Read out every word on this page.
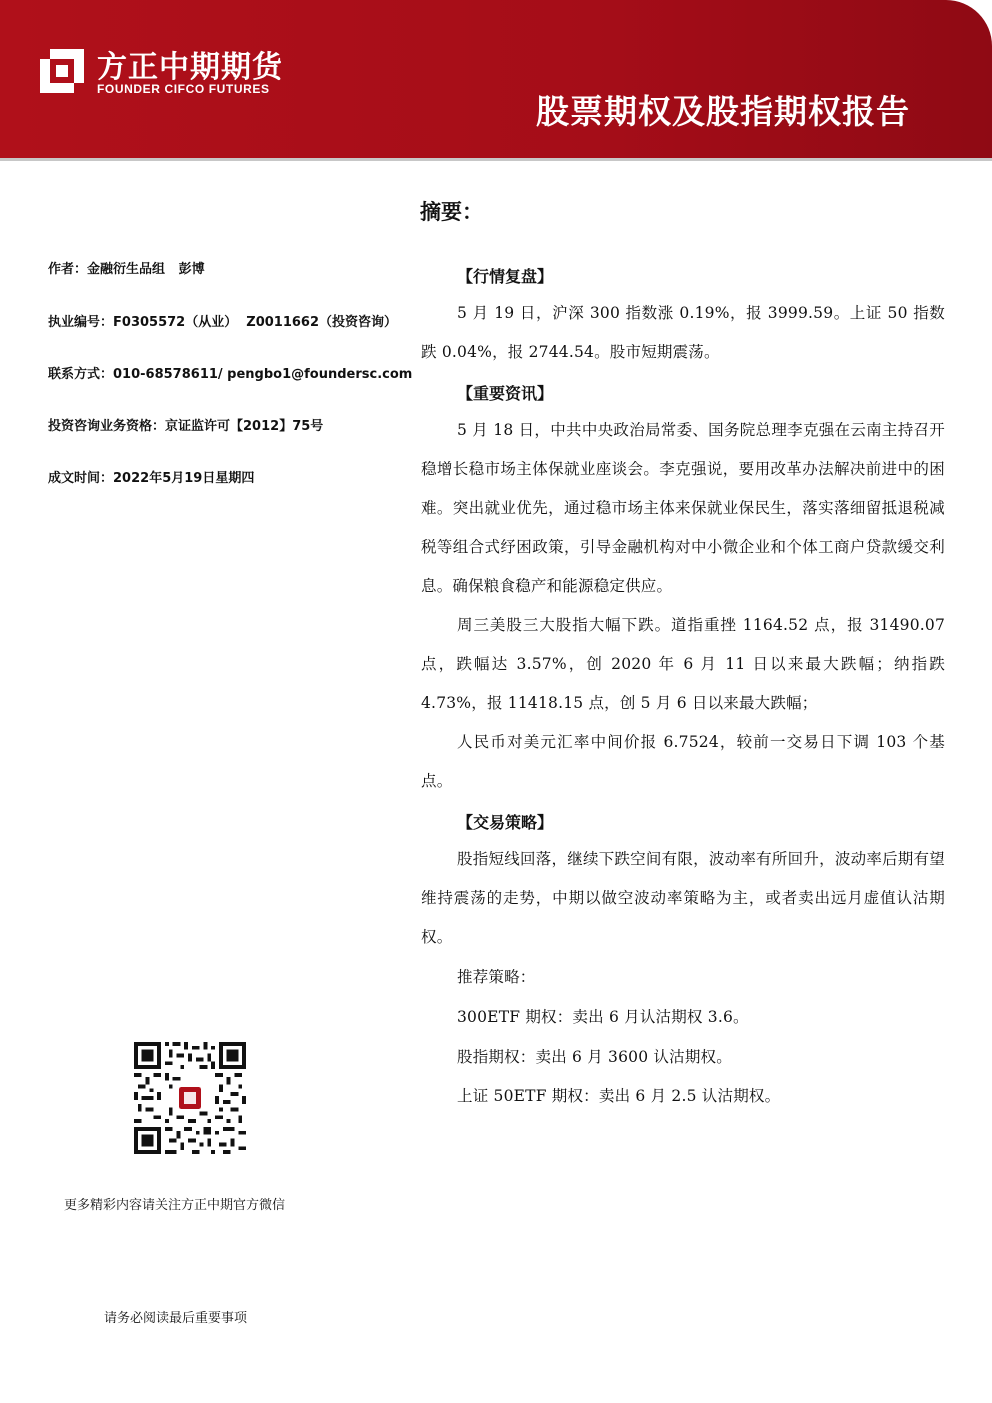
方正中期期货
FOUNDER CIFCO FUTURES
股票期权及股指期权报告
作者：金融衍生品组   彭博
执业编号：F0305572（从业）  Z0011662（投资咨询）
联系方式：010-68578611/ pengbo1@foundersc.com
投资咨询业务资格：京证监许可【2012】75号
成文时间：2022年5月19日星期四
摘要：
【行情复盘】
5 月 19 日，沪深 300 指数涨 0.19%，报 3999.59。上证 50 指数跌 0.04%，报 2744.54。股市短期震荡。
【重要资讯】
5 月 18 日，中共中央政治局常委、国务院总理李克强在云南主持召开稳增长稳市场主体保就业座谈会。李克强说，要用改革办法解决前进中的困难。突出就业优先，通过稳市场主体来保就业保民生，落实落细留抵退税减税等组合式纾困政策，引导金融机构对中小微企业和个体工商户贷款缓交利息。确保粮食稳产和能源稳定供应。
周三美股三大股指大幅下跌。道指重挫 1164.52 点，报 31490.07 点，跌幅达 3.57%，创 2020 年 6 月 11 日以来最大跌幅；纳指跌 4.73%，报 11418.15 点，创 5 月 6 日以来最大跌幅；
人民币对美元汇率中间价报 6.7524，较前一交易日下调 103 个基点。
【交易策略】
股指短线回落，继续下跌空间有限，波动率有所回升，波动率后期有望维持震荡的走势，中期以做空波动率策略为主，或者卖出远月虚值认沽期权。
推荐策略：
300ETF 期权：卖出 6 月认沽期权 3.6。
股指期权：卖出 6 月 3600 认沽期权。
上证 50ETF 期权：卖出 6 月 2.5 认沽期权。
更多精彩内容请关注方正中期官方微信
请务必阅读最后重要事项
